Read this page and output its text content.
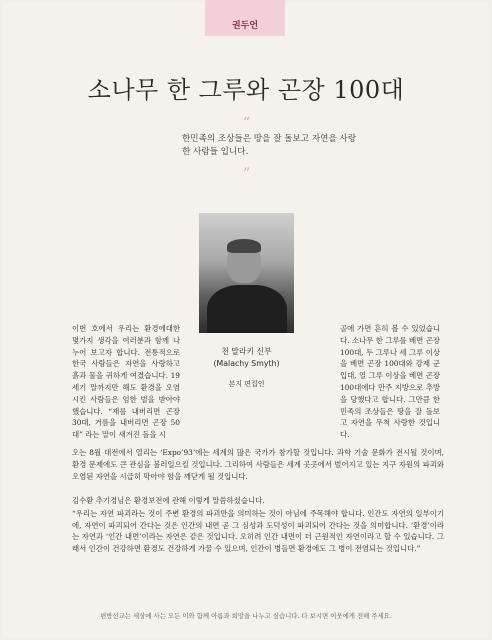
권두언
소나무 한 그루와 곤장 100대
“

한민족의 조상들은 땅을 잘 돌보고 자연을 사랑한 사람들 입니다.

”
천 말라키 신부
(Malachy Smyth)
본지 편집인

이번 호에서 우리는 환경에대한 몇가지 생각을 여러분과 함께 나누어 보고자 합니다. 전통적으로 한국 사람들은 자연을 사랑하고 흙과 물을 귀하게 여겼습니다. 19세기 말까지만 해도 환경을 오염시킨 사람들은 엄한 벌을 받아야 했습니다. “재를 내버리면 곤장 30대, 거름을 내버리면 곤장 50대” 라는 말이 새겨진 돌을 시

골에 가면 흔히 볼 수 있었습니다. 소나무 한 그루를 베면 곤장 100대, 두 그루나 세 그루 이상을 베면 곤장 100대와 강제 군입대, 열 그루 이상을 베면 곤장 100대에다 만주 지방으로 추방을 당했다고 합니다. 그만큼 한민족의 조상들은 땅을 잘 돌보고 자연을 무척 사랑한 것입니다.

오는 8월 대전에서 열리는 ‘Expo’93’에는 세계의 많은 국가가 참가할 것입니다. 과학 기술 문화가 전시될 것이며, 환경 문제에도 큰 관심을 불러일으킬 것입니다. 그리하여 사람들은 세계 곳곳에서 벌어지고 있는 지구 자원의 파괴와 오염된 자연을 시급히 막아야 함을 깨닫게 될 것입니다.

김수환 추기경님은 환경보전에 관해 이렇게 말씀하셨습니다.

“우리는 자연 파괴라는 것이 주변 환경의 파괴만을 의미하는 것이 아님에 주목해야 합니다. 인간도 자연의 일부이기에, 자연이 파괴되어 간다는 것은 인간의 내면 곧 그 심성과 도덕성이 파괴되어 간다는 것을 의미합니다. ‘환경’이라는 자연과 ‘인간 내면’이라는 자연은 같은 것입니다. 오히려 인간 내면이 더 근원적인 자연이라고 할 수 있습니다. 그래서 인간이 건강하면 환경도 건강하게 가꿀 수 있으며, 인간이 병들면 환경에도 그 병이 전염되는 것입니다.”

편방선교는 세상에 사는 모든 이와 함께 아름과 희망을 나누고 싶습니다. 다 보시면 이웃에게 전해 주세요.
